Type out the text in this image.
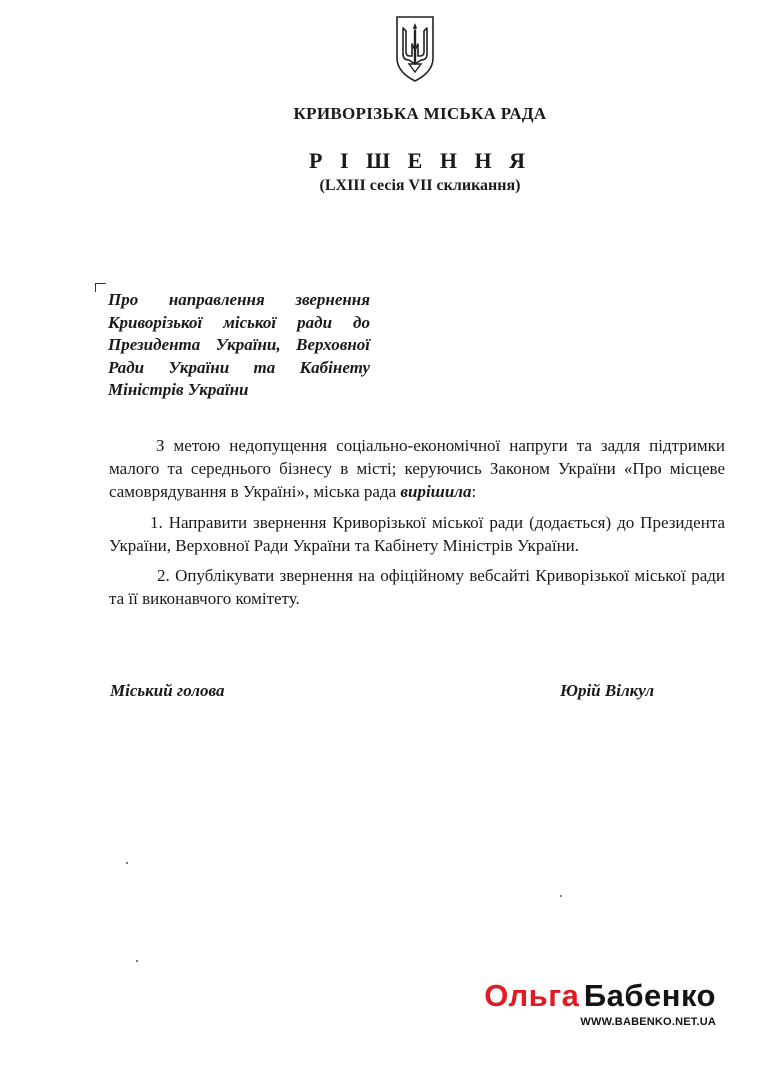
КРИВОРІЗЬКА МІСЬКА РАДА
Р І Ш Е Н Н Я
(LXIII сесія VII скликання)
Про направлення звернення Криворізької міської ради до Президента України, Верховної Ради України та Кабінету Міністрів України
З метою недопущення соціально-економічної напруги та задля підтримки малого та середнього бізнесу в місті; керуючись Законом України «Про місцеве самоврядування в Україні», міська рада вирішила:
1. Направити звернення Криворізької міської ради (додається) до Президента України, Верховної Ради України та Кабінету Міністрів України.
2. Опублікувати звернення на офіційному вебсайті Криворізької міської ради та її виконавчого комітету.
Міський голова	Юрій Вілкул
Ольга Бабенко
WWW.BABENKO.NET.UA
